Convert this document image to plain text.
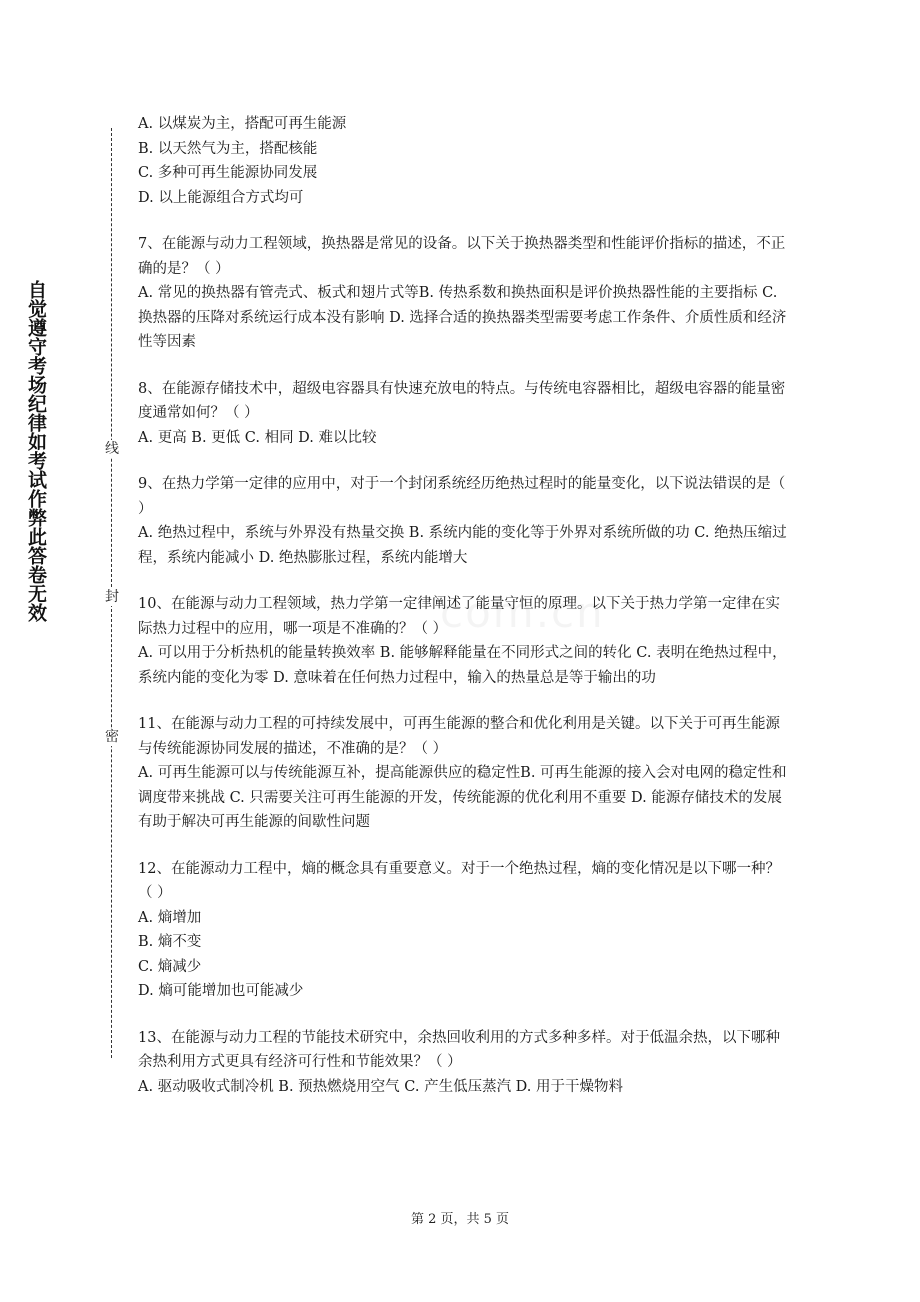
自觉遵守考场纪律如考试作弊此答卷无效	线
封
密

A. 以煤炭为主，搭配可再生能源

B. 以天然气为主，搭配核能

C. 多种可再生能源协同发展

D. 以上能源组合方式均可

7、在能源与动力工程领域，换热器是常见的设备。以下关于换热器类型和性能评价指标的描述，不正确的是？（ ）

A. 常见的换热器有管壳式、板式和翅片式等B. 传热系数和换热面积是评价换热器性能的主要指标 C. 换热器的压降对系统运行成本没有影响 D. 选择合适的换热器类型需要考虑工作条件、介质性质和经济性等因素

8、在能源存储技术中，超级电容器具有快速充放电的特点。与传统电容器相比，超级电容器的能量密度通常如何？（ ）

A. 更高 B. 更低 C. 相同 D. 难以比较

9、在热力学第一定律的应用中，对于一个封闭系统经历绝热过程时的能量变化，以下说法错误的是（ ）

A. 绝热过程中，系统与外界没有热量交换 B. 系统内能的变化等于外界对系统所做的功 C. 绝热压缩过程，系统内能减小 D. 绝热膨胀过程，系统内能增大

10、在能源与动力工程领域，热力学第一定律阐述了能量守恒的原理。以下关于热力学第一定律在实际热力过程中的应用，哪一项是不准确的？（ ）

A. 可以用于分析热机的能量转换效率 B. 能够解释能量在不同形式之间的转化 C. 表明在绝热过程中，系统内能的变化为零 D. 意味着在任何热力过程中，输入的热量总是等于输出的功

11、在能源与动力工程的可持续发展中，可再生能源的整合和优化利用是关键。以下关于可再生能源与传统能源协同发展的描述，不准确的是？（ ）

A. 可再生能源可以与传统能源互补，提高能源供应的稳定性B. 可再生能源的接入会对电网的稳定性和调度带来挑战 C. 只需要关注可再生能源的开发，传统能源的优化利用不重要 D. 能源存储技术的发展有助于解决可再生能源的间歇性问题

12、在能源动力工程中，熵的概念具有重要意义。对于一个绝热过程，熵的变化情况是以下哪一种？（ ）

A. 熵增加

B. 熵不变

C. 熵减少

D. 熵可能增加也可能减少

13、在能源与动力工程的节能技术研究中，余热回收利用的方式多种多样。对于低温余热，以下哪种余热利用方式更具有经济可行性和节能效果？（ ）

A. 驱动吸收式制冷机 B. 预热燃烧用空气 C. 产生低压蒸汽 D. 用于干燥物料

第 2 页，共 5 页
